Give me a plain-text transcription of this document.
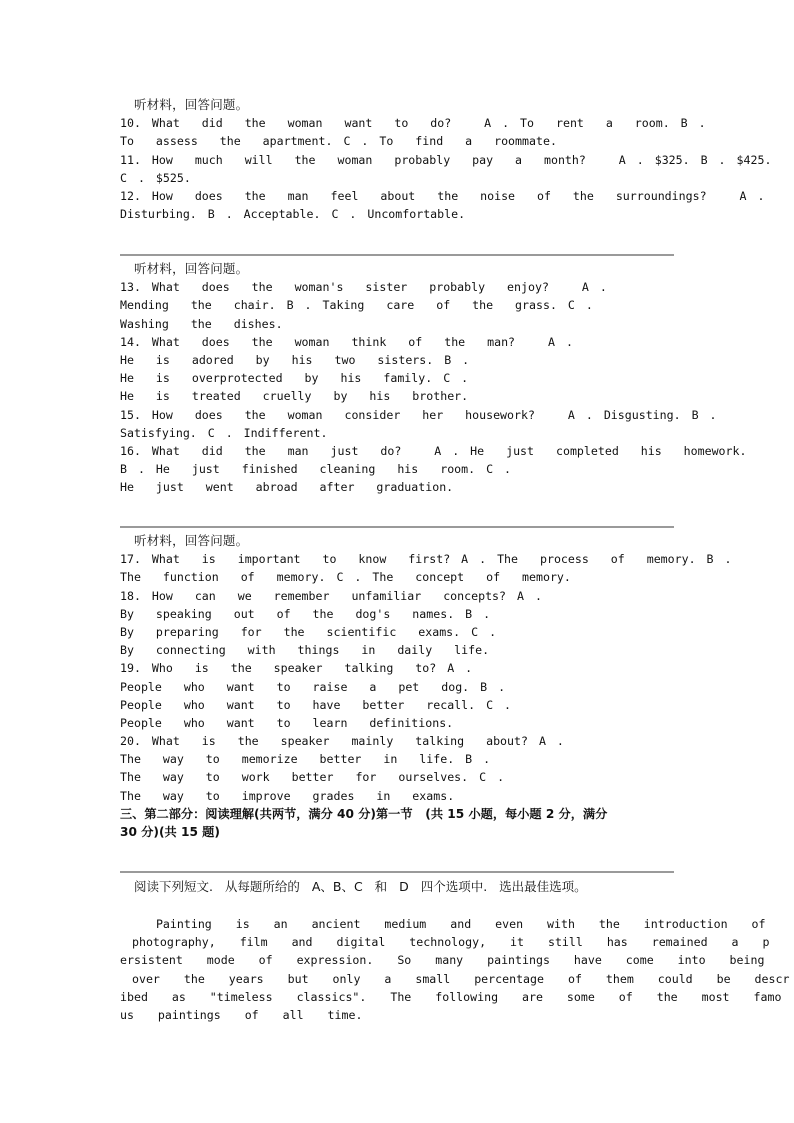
听材料，回答问题。
10. What  did  the  woman  want  to  do?   A . To  rent  a  room. B .
To  assess  the  apartment. C . To  find  a  roommate.
11. How  much  will  the  woman  probably  pay  a  month?   A . $325. B . $425.
C . $525.
12. How  does  the  man  feel  about  the  noise  of  the  surroundings?   A .
Disturbing. B . Acceptable. C . Uncomfortable.
听材料，回答问题。
13. What  does  the  woman's  sister  probably  enjoy?   A .
Mending  the  chair. B . Taking  care  of  the  grass. C .
Washing  the  dishes.
14. What  does  the  woman  think  of  the  man?   A .
He  is  adored  by  his  two  sisters. B .
He  is  overprotected  by  his  family. C .
He  is  treated  cruelly  by  his  brother.
15. How  does  the  woman  consider  her  housework?   A . Disgusting. B .
Satisfying. C . Indifferent.
16. What  did  the  man  just  do?   A . He  just  completed  his  homework.
B . He  just  finished  cleaning  his  room. C .
He  just  went  abroad  after  graduation.
听材料，回答问题。
17. What  is  important  to  know  first? A . The  process  of  memory. B .
The  function  of  memory. C . The  concept  of  memory.
18. How  can  we  remember  unfamiliar  concepts? A .
By  speaking  out  of  the  dog's  names. B .
By  preparing  for  the  scientific  exams. C .
By  connecting  with  things  in  daily  life.
19. Who  is  the  speaker  talking  to? A .
People  who  want  to  raise  a  pet  dog. B .
People  who  want  to  have  better  recall. C .
People  who  want  to  learn  definitions.
20. What  is  the  speaker  mainly  talking  about? A .
The  way  to  memorize  better  in  life. B .
The  way  to  work  better  for  ourselves. C .
The  way  to  improve  grades  in  exams.
三、第二部分：阅读理解(共两节，满分 40 分)第一节   (共 15 小题，每小题 2 分，满分
30 分)(共 15 题)
阅读下列短文.  从每题所给的  A、B、C  和  D  四个选项中.  选出最佳选项。
Painting  is  an  ancient  medium  and  even  with  the  introduction  of
photography,  film  and  digital  technology,  it  still  has  remained  a  p
ersistent  mode  of  expression.  So  many  paintings  have  come  into  being
over  the  years  but  only  a  small  percentage  of  them  could  be  descr
ibed  as  "timeless  classics".  The  following  are  some  of  the  most  famo
us  paintings  of  all  time.
